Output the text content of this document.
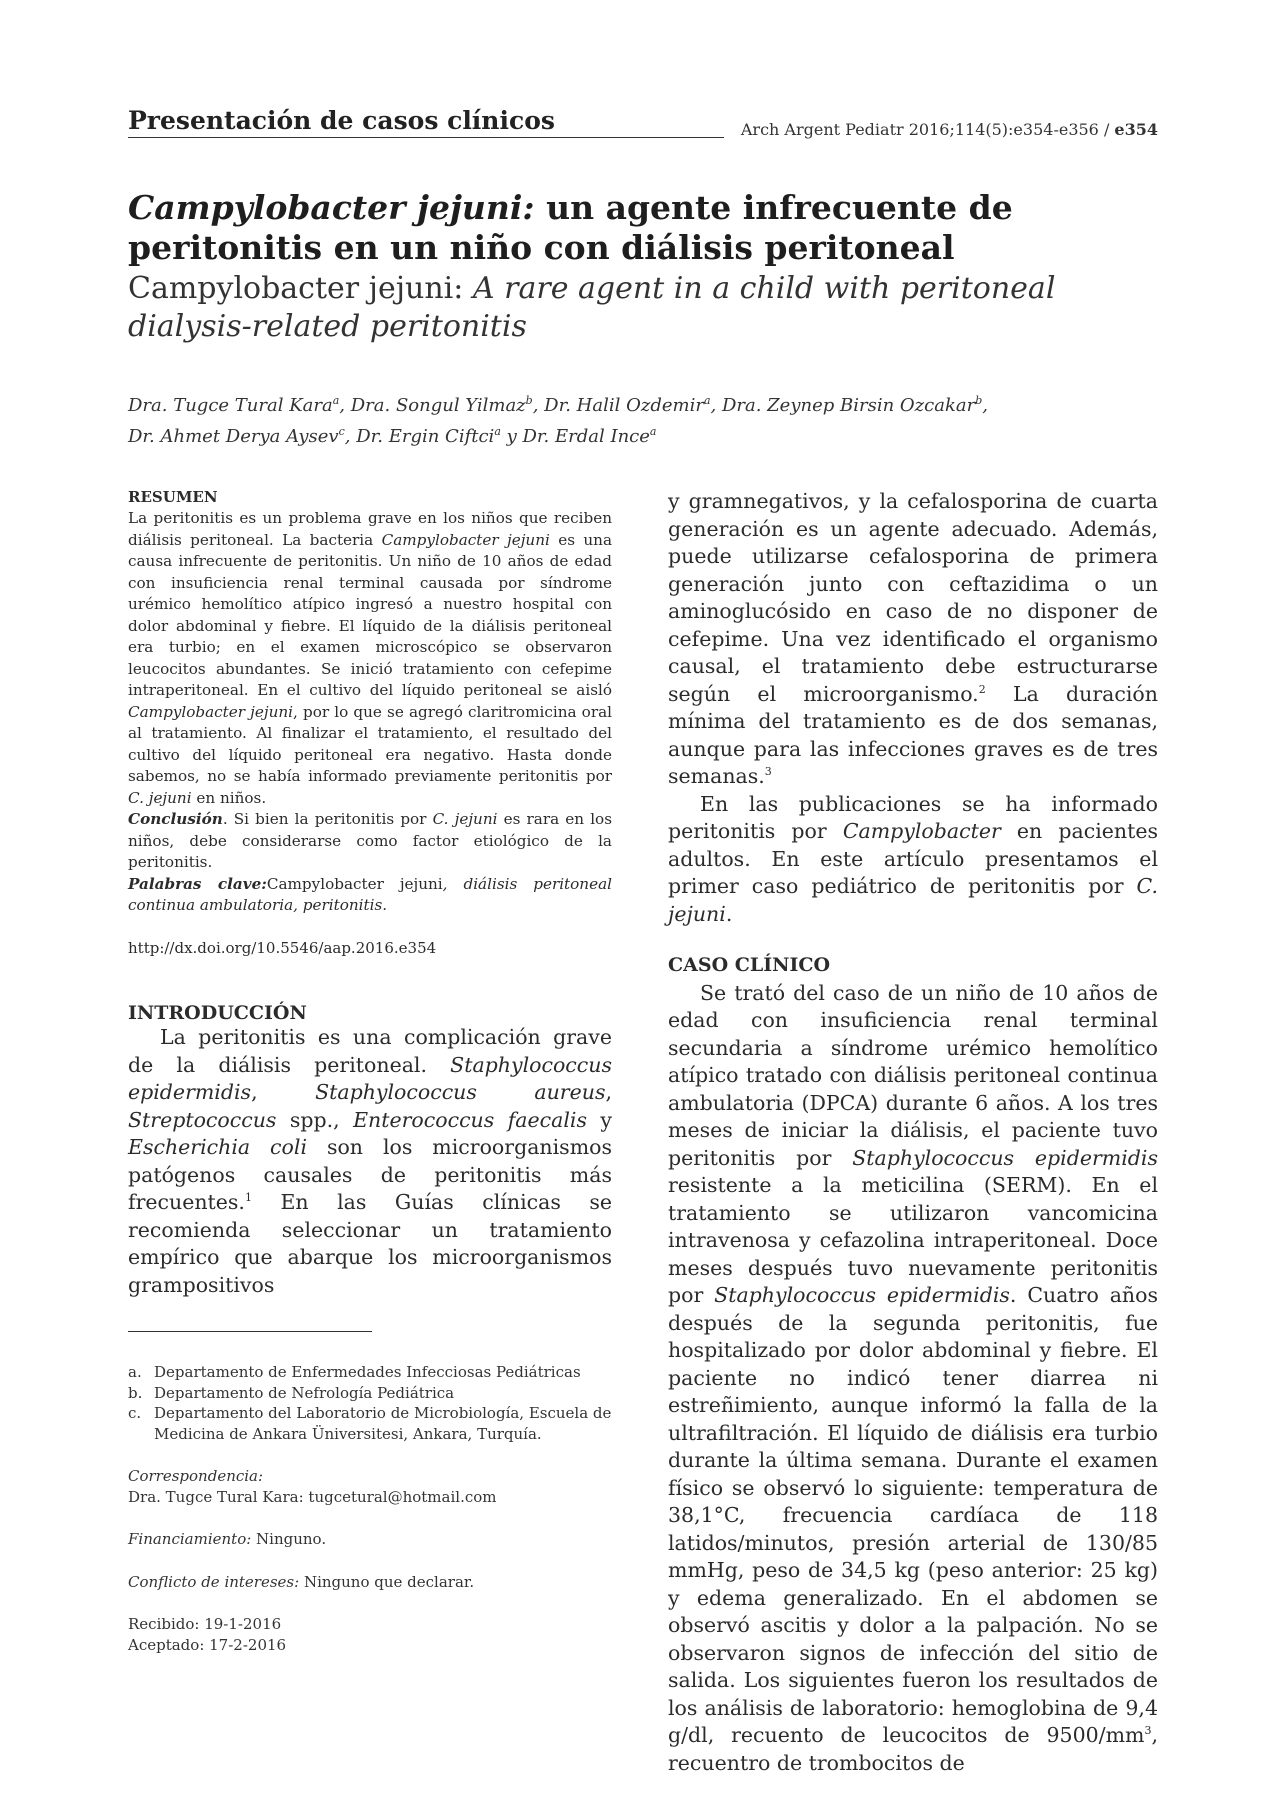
Presentación de casos clínicos	Arch Argent Pediatr 2016;114(5):e354-e356 / e354
Campylobacter jejuni: un agente infrecuente de peritonitis en un niño con diálisis peritoneal
Campylobacter jejuni: A rare agent in a child with peritoneal dialysis-related peritonitis
Dra. Tugce Tural Kara$^a$, Dra. Songul Yilmaz$^b$, Dr. Halil Ozdemir$^a$, Dra. Zeynep Birsin Ozcakar$^b$,
Dr. Ahmet Derya Aysev$^c$, Dr. Ergin Ciftci$^a$ y Dr. Erdal Ince$^a$
RESUMEN

La peritonitis es un problema grave en los niños que reciben diálisis peritoneal. La bacteria Campylobacter jejuni es una causa infrecuente de peritonitis. Un niño de 10 años de edad con insuficiencia renal terminal causada por síndrome urémico hemolítico atípico ingresó a nuestro hospital con dolor abdominal y fiebre. El líquido de la diálisis peritoneal era turbio; en el examen microscópico se observaron leucocitos abundantes. Se inició tratamiento con cefepime intraperitoneal. En el cultivo del líquido peritoneal se aisló Campylobacter jejuni, por lo que se agregó claritromicina oral al tratamiento. Al finalizar el tratamiento, el resultado del cultivo del líquido peritoneal era negativo. Hasta donde sabemos, no se había informado previamente peritonitis por C. jejuni en niños.

Conclusión. Si bien la peritonitis por C. jejuni es rara en los niños, debe considerarse como factor etiológico de la peritonitis.

Palabras clave:Campylobacter jejuni, diálisis peritoneal continua ambulatoria, peritonitis.

http://dx.doi.org/10.5546/aap.2016.e354
INTRODUCCIÓN

La peritonitis es una complicación grave de la diálisis peritoneal. Staphylococcus epidermidis, Staphylococcus aureus, Streptococcus spp., Enterococcus faecalis y Escherichia coli son los microorganismos patógenos causales de peritonitis más frecuentes.$^1$ En las Guías clínicas se recomienda seleccionar un tratamiento empírico que abarque los microorganismos grampositivos

a. Departamento de Enfermedades Infecciosas Pediátricas
b. Departamento de Nefrología Pediátrica
c. Departamento del Laboratorio de Microbiología, Escuela de Medicina de Ankara Üniversitesi, Ankara, Turquía.
Correspondencia:
Dra. Tugce Tural Kara: tugcetural@hotmail.com
Financiamiento: Ninguno.
Conflicto de intereses: Ninguno que declarar.
Recibido: 19-1-2016
Aceptado: 17-2-2016

y gramnegativos, y la cefalosporina de cuarta generación es un agente adecuado. Además, puede utilizarse cefalosporina de primera generación junto con ceftazidima o un aminoglucósido en caso de no disponer de cefepime. Una vez identificado el organismo causal, el tratamiento debe estructurarse según el microorganismo.$^2$ La duración mínima del tratamiento es de dos semanas, aunque para las infecciones graves es de tres semanas.$^3$

En las publicaciones se ha informado peritonitis por Campylobacter en pacientes adultos. En este artículo presentamos el primer caso pediátrico de peritonitis por C. jejuni.

CASO CLÍNICO

Se trató del caso de un niño de 10 años de edad con insuficiencia renal terminal secundaria a síndrome urémico hemolítico atípico tratado con diálisis peritoneal continua ambulatoria (DPCA) durante 6 años. A los tres meses de iniciar la diálisis, el paciente tuvo peritonitis por Staphylococcus epidermidis resistente a la meticilina (SERM). En el tratamiento se utilizaron vancomicina intravenosa y cefazolina intraperitoneal. Doce meses después tuvo nuevamente peritonitis por Staphylococcus epidermidis. Cuatro años después de la segunda peritonitis, fue hospitalizado por dolor abdominal y fiebre. El paciente no indicó tener diarrea ni estreñimiento, aunque informó la falla de la ultrafiltración. El líquido de diálisis era turbio durante la última semana. Durante el examen físico se observó lo siguiente: temperatura de 38,1°C, frecuencia cardíaca de 118 latidos/minutos, presión arterial de 130/85 mmHg, peso de 34,5 kg (peso anterior: 25 kg) y edema generalizado. En el abdomen se observó ascitis y dolor a la palpación. No se observaron signos de infección del sitio de salida. Los siguientes fueron los resultados de los análisis de laboratorio: hemoglobina de 9,4 g/dl, recuento de leucocitos de $9500/mm^3$, recuentro de trombocitos de
